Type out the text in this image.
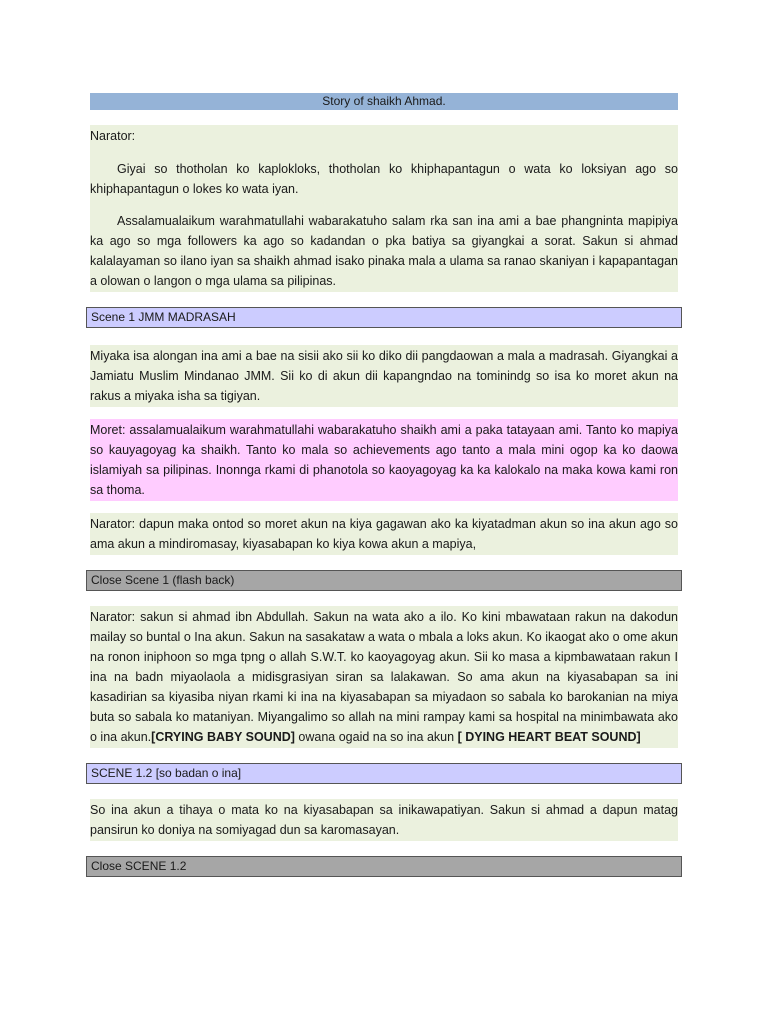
Story of shaikh Ahmad.
Narator:
Giyai so thotholan ko kaplokloks, thotholan ko khiphapantagun o wata ko loksiyan ago so khiphapantagun o lokes ko wata iyan.
Assalamualaikum warahmatullahi wabarakatuho salam rka san ina ami a bae phangninta mapipiya ka ago so mga followers ka ago so kadandan o pka batiya sa giyangkai a sorat. Sakun si ahmad kalalayaman so ilano iyan sa shaikh ahmad isako pinaka mala a ulama sa ranao skaniyan i kapapantagan a olowan o langon o mga ulama sa pilipinas.
Scene 1 JMM MADRASAH
Miyaka isa alongan ina ami a bae na sisii ako sii ko diko dii pangdaowan a mala a madrasah. Giyangkai a Jamiatu Muslim Mindanao JMM. Sii ko di akun dii kapangndao na tominindg so isa ko moret akun na rakus a miyaka isha sa tigiyan.
Moret: assalamualaikum warahmatullahi wabarakatuho shaikh ami a paka tatayaan ami. Tanto ko mapiya so kauyagoyag ka shaikh. Tanto ko mala so achievements ago tanto a mala mini ogop ka ko daowa islamiyah sa pilipinas. Inonnga rkami di phanotola so kaoyagoyag ka ka kalokalo na maka kowa kami ron sa thoma.
Narator: dapun maka ontod so moret akun na kiya gagawan ako ka kiyatadman akun so ina akun ago so ama akun a mindiromasay, kiyasabapan ko kiya kowa akun a mapiya,
Close Scene 1 (flash back)
Narator: sakun si ahmad ibn Abdullah. Sakun na wata ako a ilo. Ko kini mbawataan rakun na dakodun mailay so buntal o Ina akun. Sakun na sasakataw a wata o mbala a loks akun. Ko ikaogat ako o ome akun na ronon iniphoon so mga tpng o allah S.W.T. ko kaoyagoyag akun. Sii ko masa a kipmbawataan rakun I ina na badn miyaolaola a midisgrasiyan siran sa lalakawan. So ama akun na kiyasabapan sa ini kasadirian sa kiyasiba niyan rkami ki ina na kiyasabapan sa miyadaon so sabala ko barokanian na miya buta so sabala ko mataniyan. Miyangalimo so allah na mini rampay kami sa hospital na minimbawata ako o ina akun.[CRYING BABY SOUND] owana ogaid na so ina akun [ DYING HEART BEAT SOUND]
SCENE 1.2 [so badan o ina]
So ina akun a tihaya o mata ko na kiyasabapan sa inikawapatiyan. Sakun si ahmad a dapun matag pansirun ko doniya na somiyagad dun sa karomasayan.
Close SCENE 1.2
